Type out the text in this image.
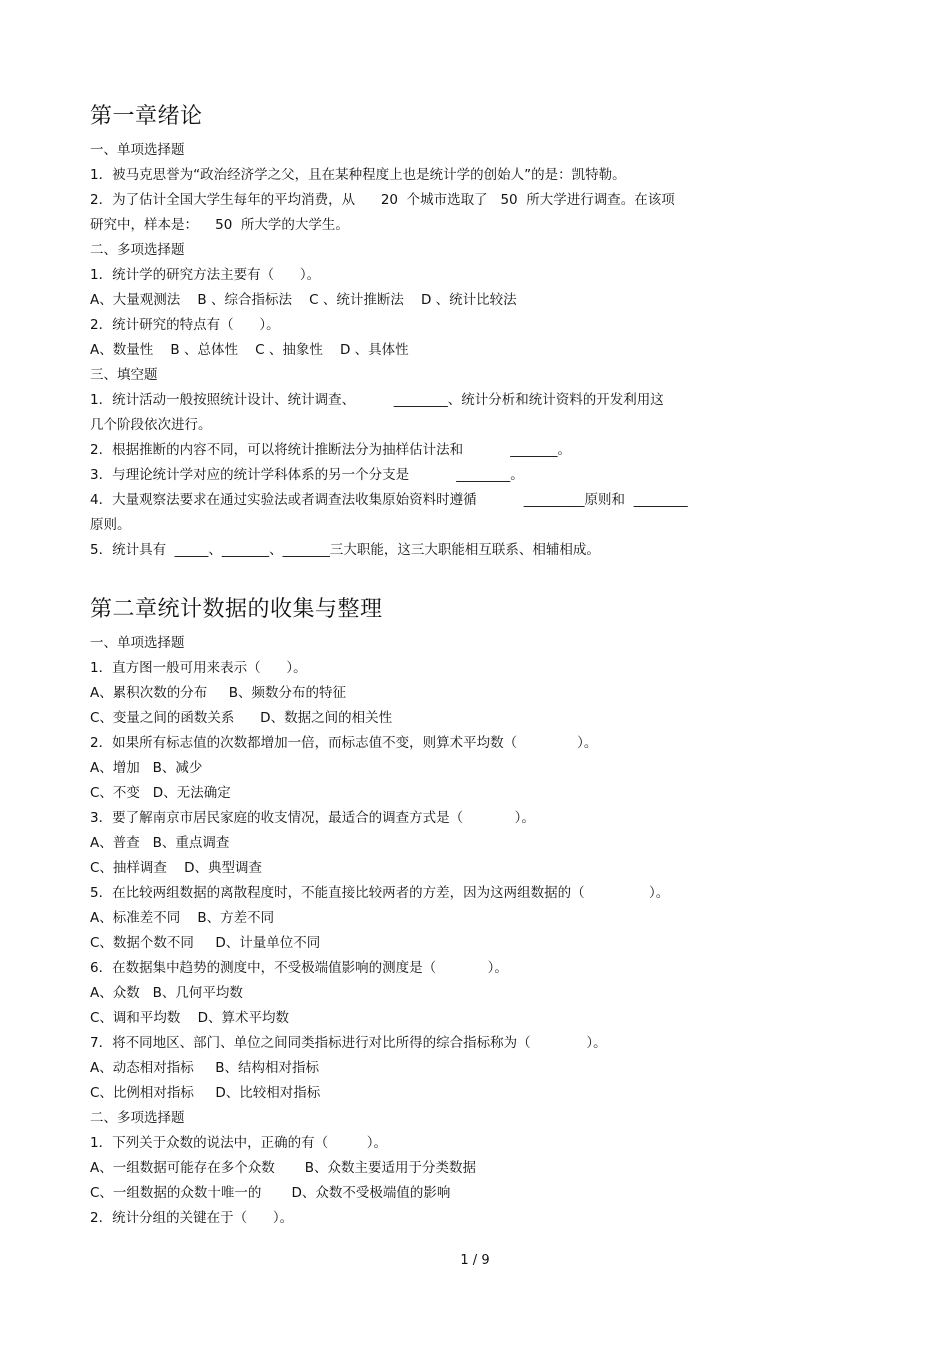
第一章绪论
一、单项选择题
1．被马克思誉为“政治经济学之父，且在某种程度上也是统计学的创始人”的是：凯特勒。
2．为了估计全国大学生每年的平均消费，从      20  个城市选取了   50  所大学进行调查。在该项
研究中，样本是：    50  所大学的大学生。
二、多项选择题
1．统计学的研究方法主要有（      ）。
A、大量观测法    B 、综合指标法    C 、统计推断法    D 、统计比较法
2．统计研究的特点有（      ）。
A、数量性    B 、总体性    C 、抽象性    D 、具体性
三、填空题
1．统计活动一般按照统计设计、统计调查、         ________、统计分析和统计资料的开发利用这
几个阶段依次进行。
2．根据推断的内容不同，可以将统计推断法分为抽样估计法和           _______。
3．与理论统计学对应的统计学科体系的另一个分支是           ________。
4．大量观察法要求在通过实验法或者调查法收集原始资料时遵循           _________原则和  ________
原则。
5．统计具有  _____、_______、_______三大职能，这三大职能相互联系、相辅相成。
第二章统计数据的收集与整理
一、单项选择题
1．直方图一般可用来表示（      ）。
A、累积次数的分布     B、频数分布的特征
C、变量之间的函数关系      D、数据之间的相关性
2．如果所有标志值的次数都增加一倍，而标志值不变，则算术平均数（              ）。
A、增加   B、减少
C、不变   D、无法确定
3．要了解南京市居民家庭的收支情况，最适合的调查方式是（            ）。
A、普查   B、重点调查
C、抽样调查    D、典型调查
5．在比较两组数据的离散程度时，不能直接比较两者的方差，因为这两组数据的（               ）。
A、标准差不同    B、方差不同
C、数据个数不同     D、计量单位不同
6．在数据集中趋势的测度中，不受极端值影响的测度是（            ）。
A、众数   B、几何平均数
C、调和平均数    D、算术平均数
7．将不同地区、部门、单位之间同类指标进行对比所得的综合指标称为（             ）。
A、动态相对指标     B、结构相对指标
C、比例相对指标     D、比较相对指标
二、多项选择题
1．下列关于众数的说法中，正确的有（         ）。
A、一组数据可能存在多个众数       B、众数主要适用于分类数据
C、一组数据的众数十唯一的       D、众数不受极端值的影响
2．统计分组的关键在于（      ）。
1 / 9
